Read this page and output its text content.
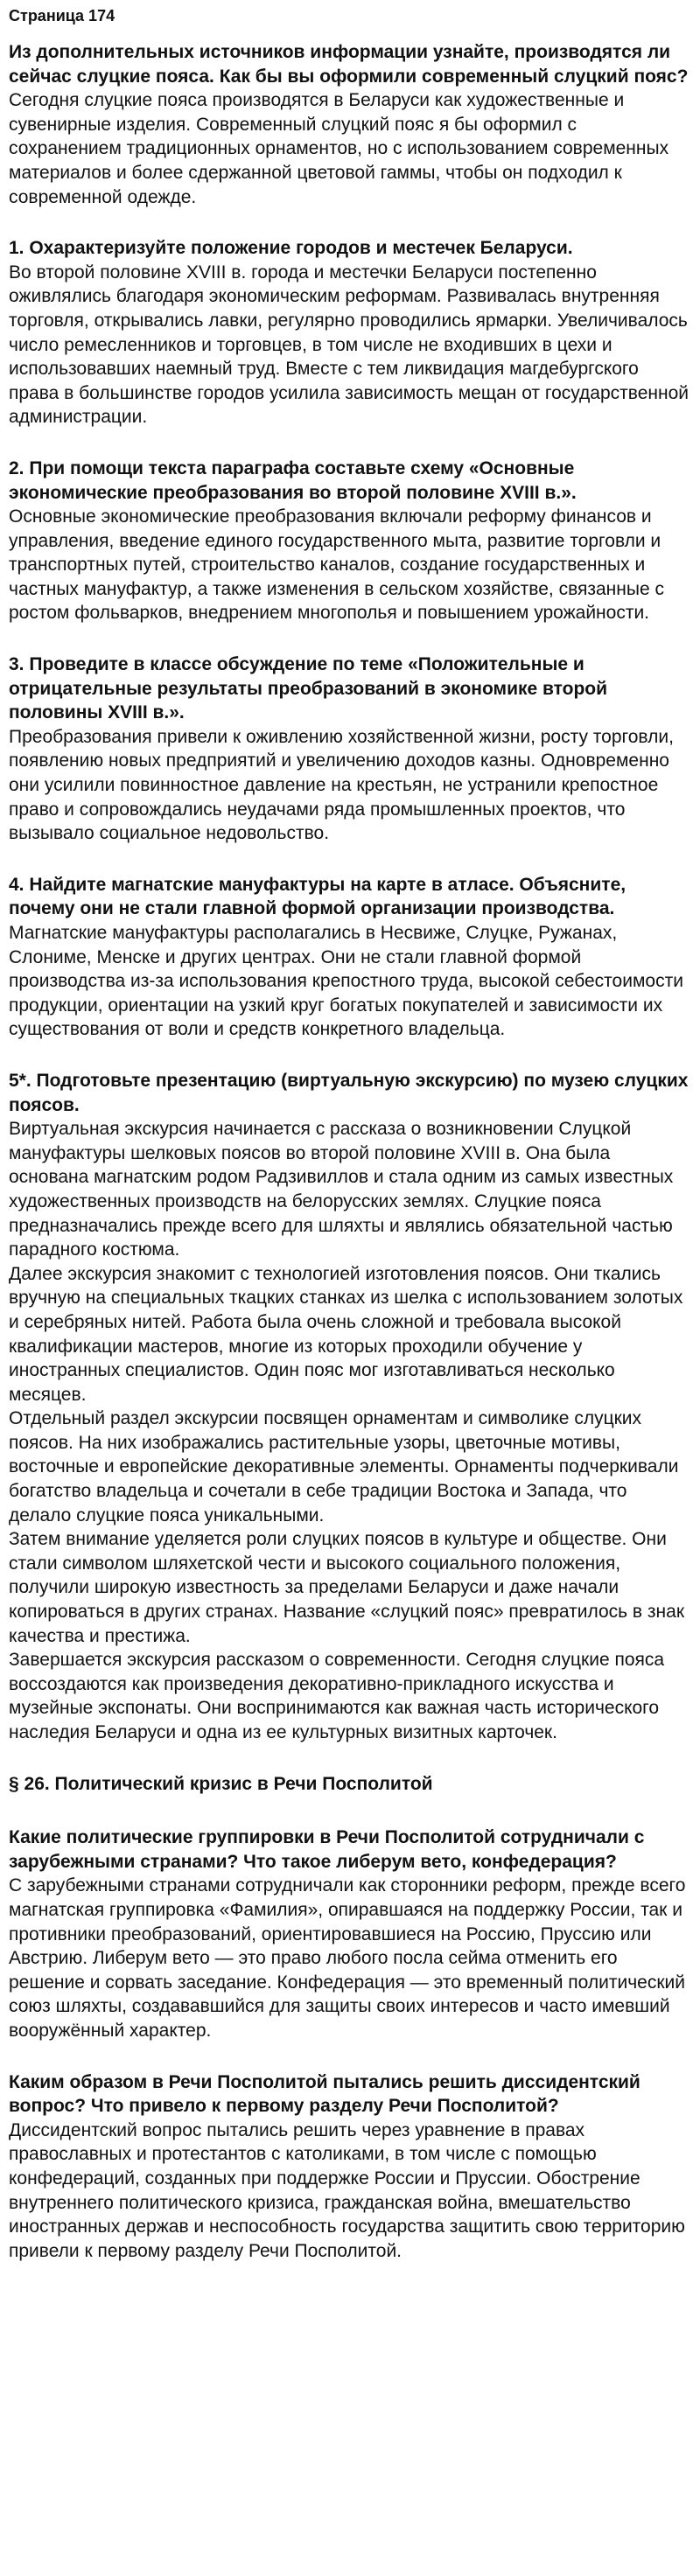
Страница 174
Из дополнительных источников информации узнайте, производятся ли сейчас слуцкие пояса. Как бы вы оформили современный слуцкий пояс?

Сегодня слуцкие пояса производятся в Беларуси как художественные и сувенирные изделия. Современный слуцкий пояс я бы оформил с сохранением традиционных орнаментов, но с использованием современных материалов и более сдержанной цветовой гаммы, чтобы он подходил к современной одежде.

1. Охарактеризуйте положение городов и местечек Беларуси.

Во второй половине XVIII в. города и местечки Беларуси постепенно оживлялись благодаря экономическим реформам. Развивалась внутренняя торговля, открывались лавки, регулярно проводились ярмарки. Увеличивалось число ремесленников и торговцев, в том числе не входивших в цехи и использовавших наемный труд. Вместе с тем ликвидация магдебургского права в большинстве городов усилила зависимость мещан от государственной администрации.

2. При помощи текста параграфа составьте схему «Основные экономические преобразования во второй половине XVIII в.».

Основные экономические преобразования включали реформу финансов и управления, введение единого государственного мыта, развитие торговли и транспортных путей, строительство каналов, создание государственных и частных мануфактур, а также изменения в сельском хозяйстве, связанные с ростом фольварков, внедрением многополья и повышением урожайности.

3. Проведите в классе обсуждение по теме «Положительные и отрицательные результаты преобразований в экономике второй половины XVIII в.».

Преобразования привели к оживлению хозяйственной жизни, росту торговли, появлению новых предприятий и увеличению доходов казны. Одновременно они усилили повинностное давление на крестьян, не устранили крепостное право и сопровождались неудачами ряда промышленных проектов, что вызывало социальное недовольство.

4. Найдите магнатские мануфактуры на карте в атласе. Объясните, почему они не стали главной формой организации производства.

Магнатские мануфактуры располагались в Несвиже, Слуцке, Ружанах, Слониме, Менске и других центрах. Они не стали главной формой производства из-за использования крепостного труда, высокой себестоимости продукции, ориентации на узкий круг богатых покупателей и зависимости их существования от воли и средств конкретного владельца.

5*. Подготовьте презентацию (виртуальную экскурсию) по музею слуцких поясов.

Виртуальная экскурсия начинается с рассказа о возникновении Слуцкой мануфактуры шелковых поясов во второй половине XVIII в. Она была основана магнатским родом Радзивиллов и стала одним из самых известных художественных производств на белорусских землях. Слуцкие пояса предназначались прежде всего для шляхты и являлись обязательной частью парадного костюма.

Далее экскурсия знакомит с технологией изготовления поясов. Они ткались вручную на специальных ткацких станках из шелка с использованием золотых и серебряных нитей. Работа была очень сложной и требовала высокой квалификации мастеров, многие из которых проходили обучение у иностранных специалистов. Один пояс мог изготавливаться несколько месяцев.

Отдельный раздел экскурсии посвящен орнаментам и символике слуцких поясов. На них изображались растительные узоры, цветочные мотивы, восточные и европейские декоративные элементы. Орнаменты подчеркивали богатство владельца и сочетали в себе традиции Востока и Запада, что делало слуцкие пояса уникальными.

Затем внимание уделяется роли слуцких поясов в культуре и обществе. Они стали символом шляхетской чести и высокого социального положения, получили широкую известность за пределами Беларуси и даже начали копироваться в других странах. Название «слуцкий пояс» превратилось в знак качества и престижа.

Завершается экскурсия рассказом о современности. Сегодня слуцкие пояса воссоздаются как произведения декоративно-прикладного искусства и музейные экспонаты. Они воспринимаются как важная часть исторического наследия Беларуси и одна из ее культурных визитных карточек.

§ 26. Политический кризис в Речи Посполитой
Какие политические группировки в Речи Посполитой сотрудничали с зарубежными странами? Что такое либерум вето, конфедерация?

С зарубежными странами сотрудничали как сторонники реформ, прежде всего магнатская группировка «Фамилия», опиравшаяся на поддержку России, так и противники преобразований, ориентировавшиеся на Россию, Пруссию или Австрию. Либерум вето — это право любого посла сейма отменить его решение и сорвать заседание. Конфедерация — это временный политический союз шляхты, создававшийся для защиты своих интересов и часто имевший вооружённый характер.

Каким образом в Речи Посполитой пытались решить диссидентский вопрос? Что привело к первому разделу Речи Посполитой?

Диссидентский вопрос пытались решить через уравнение в правах православных и протестантов с католиками, в том числе с помощью конфедераций, созданных при поддержке России и Пруссии. Обострение внутреннего политического кризиса, гражданская война, вмешательство иностранных держав и неспособность государства защитить свою территорию привели к первому разделу Речи Посполитой.
